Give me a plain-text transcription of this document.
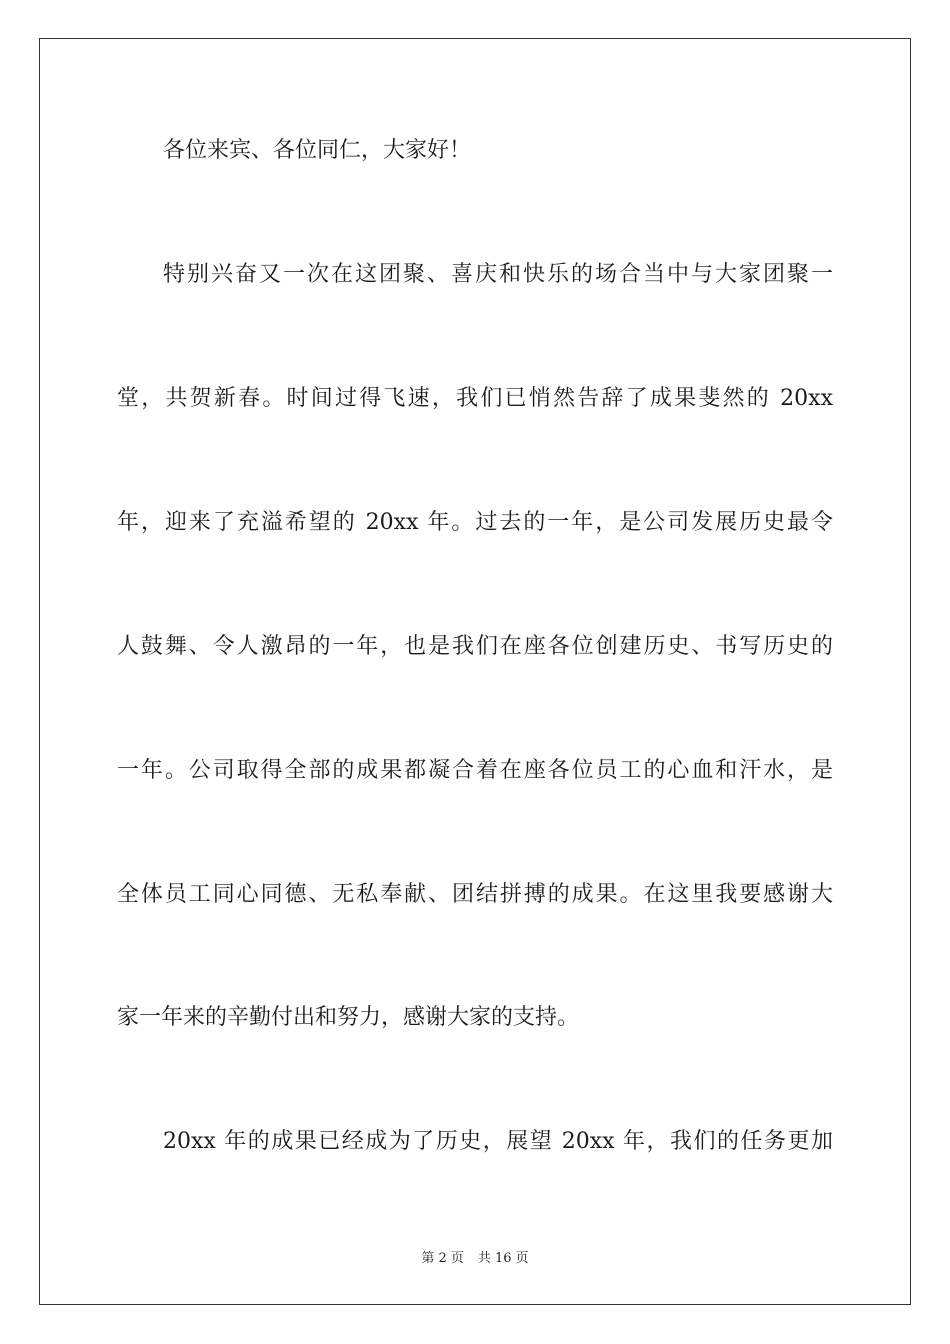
各位来宾、各位同仁，大家好！
特别兴奋又一次在这团聚、喜庆和快乐的场合当中与大家团聚一
堂，共贺新春。时间过得飞速，我们已悄然告辞了成果斐然的 20xx
年，迎来了充溢希望的 20xx 年。过去的一年，是公司发展历史最令
人鼓舞、令人激昂的一年，也是我们在座各位创建历史、书写历史的
一年。公司取得全部的成果都凝合着在座各位员工的心血和汗水，是
全体员工同心同德、无私奉献、团结拼搏的成果。在这里我要感谢大
家一年来的辛勤付出和努力，感谢大家的支持。
20xx 年的成果已经成为了历史，展望 20xx 年，我们的任务更加
第 2 页 共 16 页
